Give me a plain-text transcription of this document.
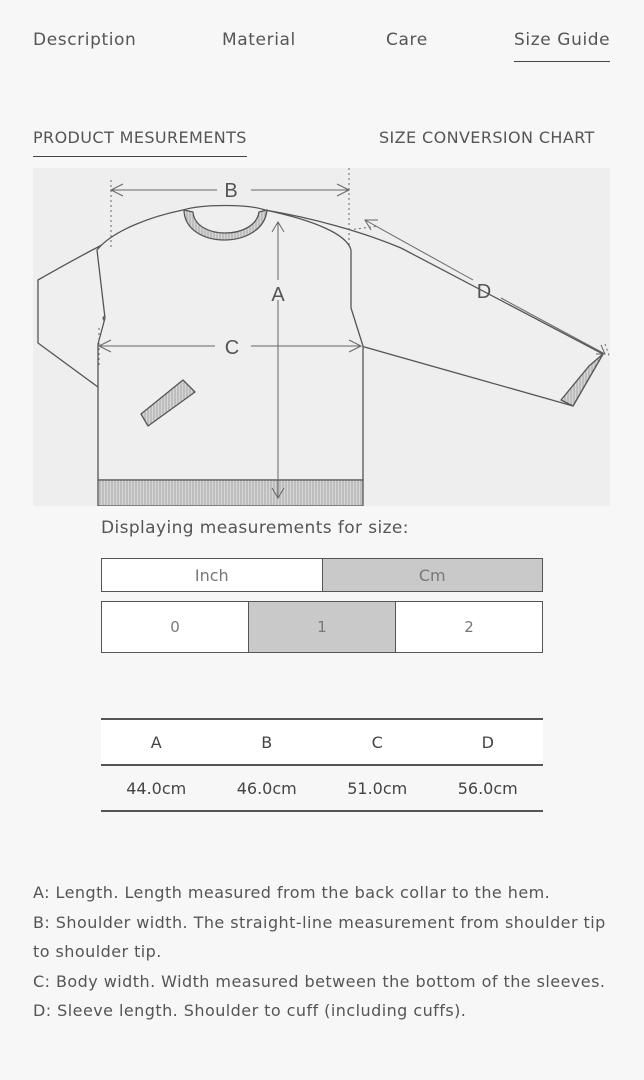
Description	Material	Care	Size Guide
PRODUCT MESUREMENTS	SIZE CONVERSION CHART
B
A
C
D
Displaying measurements for size:
Inch	Cm
0	1	2
A	B	C	D
44.0cm	46.0cm	51.0cm	56.0cm

A: Length. Length measured from the back collar to the hem.

B: Shoulder width. The straight-line measurement from shoulder tip to shoulder tip.

C: Body width. Width measured between the bottom of the sleeves.

D: Sleeve length. Shoulder to cuff (including cuffs).
